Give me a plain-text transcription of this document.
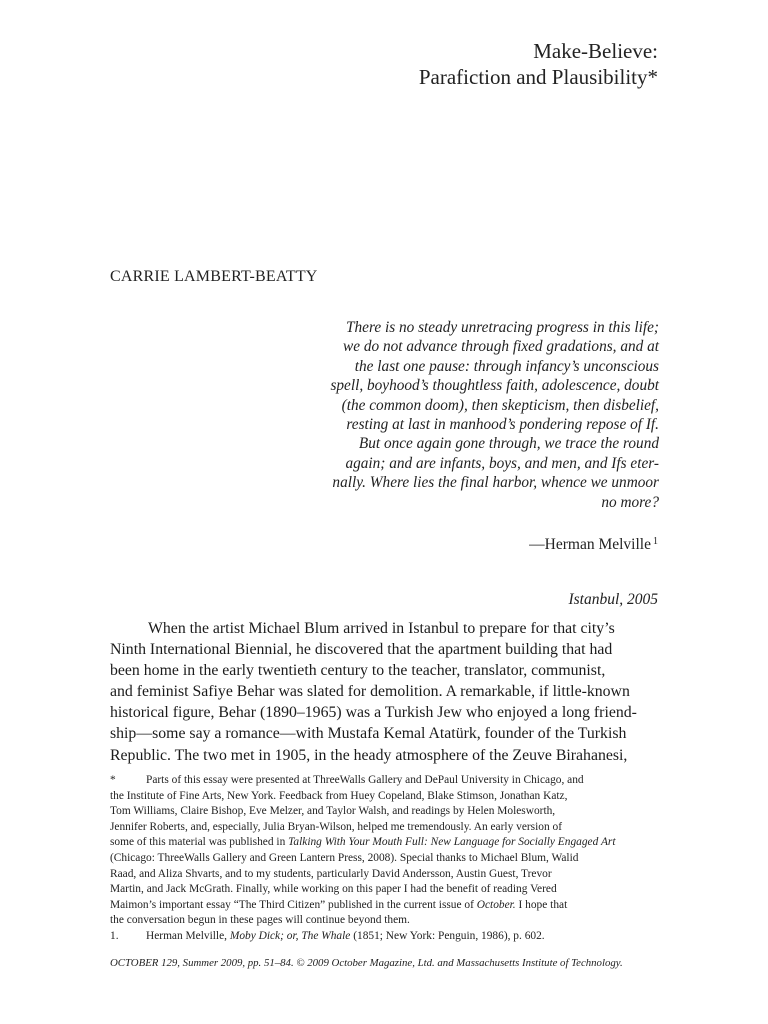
Make-Believe:
Parafiction and Plausibility*
CARRIE LAMBERT-BEATTY
There is no steady unretracing progress in this life;
we do not advance through fixed gradations, and at
the last one pause: through infancy’s unconscious
spell, boyhood’s thoughtless faith, adolescence, doubt
(the common doom), then skepticism, then disbelief,
resting at last in manhood’s pondering repose of If.
But once again gone through, we trace the round
again; and are infants, boys, and men, and Ifs eter-
nally. Where lies the final harbor, whence we unmoor
no more?
—Herman Melville $^1$
Istanbul, 2005
When the artist Michael Blum arrived in Istanbul to prepare for that city’s
Ninth International Biennial, he discovered that the apartment building that had
been home in the early twentieth century to the teacher, translator, communist,
and feminist Safiye Behar was slated for demolition. A remarkable, if little-known
historical figure, Behar (1890–1965) was a Turkish Jew who enjoyed a long friend-
ship—some say a romance—with Mustafa Kemal Atatürk, founder of the Turkish
Republic. The two met in 1905, in the heady atmosphere of the Zeuve Birahanesi,
*	Parts of this essay were presented at ThreeWalls Gallery and DePaul University in Chicago, and
the Institute of Fine Arts, New York. Feedback from Huey Copeland, Blake Stimson, Jonathan Katz,
Tom Williams, Claire Bishop, Eve Melzer, and Taylor Walsh, and readings by Helen Molesworth,
Jennifer Roberts, and, especially, Julia Bryan-Wilson, helped me tremendously. An early version of
some of this material was published in Talking With Your Mouth Full: New Language for Socially Engaged Art
(Chicago: ThreeWalls Gallery and Green Lantern Press, 2008). Special thanks to Michael Blum, Walid
Raad, and Aliza Shvarts, and to my students, particularly David Andersson, Austin Guest, Trevor
Martin, and Jack McGrath. Finally, while working on this paper I had the benefit of reading Vered
Maimon’s important essay “The Third Citizen” published in the current issue of October. I hope that
the conversation begun in these pages will continue beyond them.
1. Herman Melville, Moby Dick; or, The Whale (1851; New York: Penguin, 1986), p. 602.
OCTOBER 129, Summer 2009, pp. 51–84. © 2009 October Magazine, Ltd. and Massachusetts Institute of Technology.
